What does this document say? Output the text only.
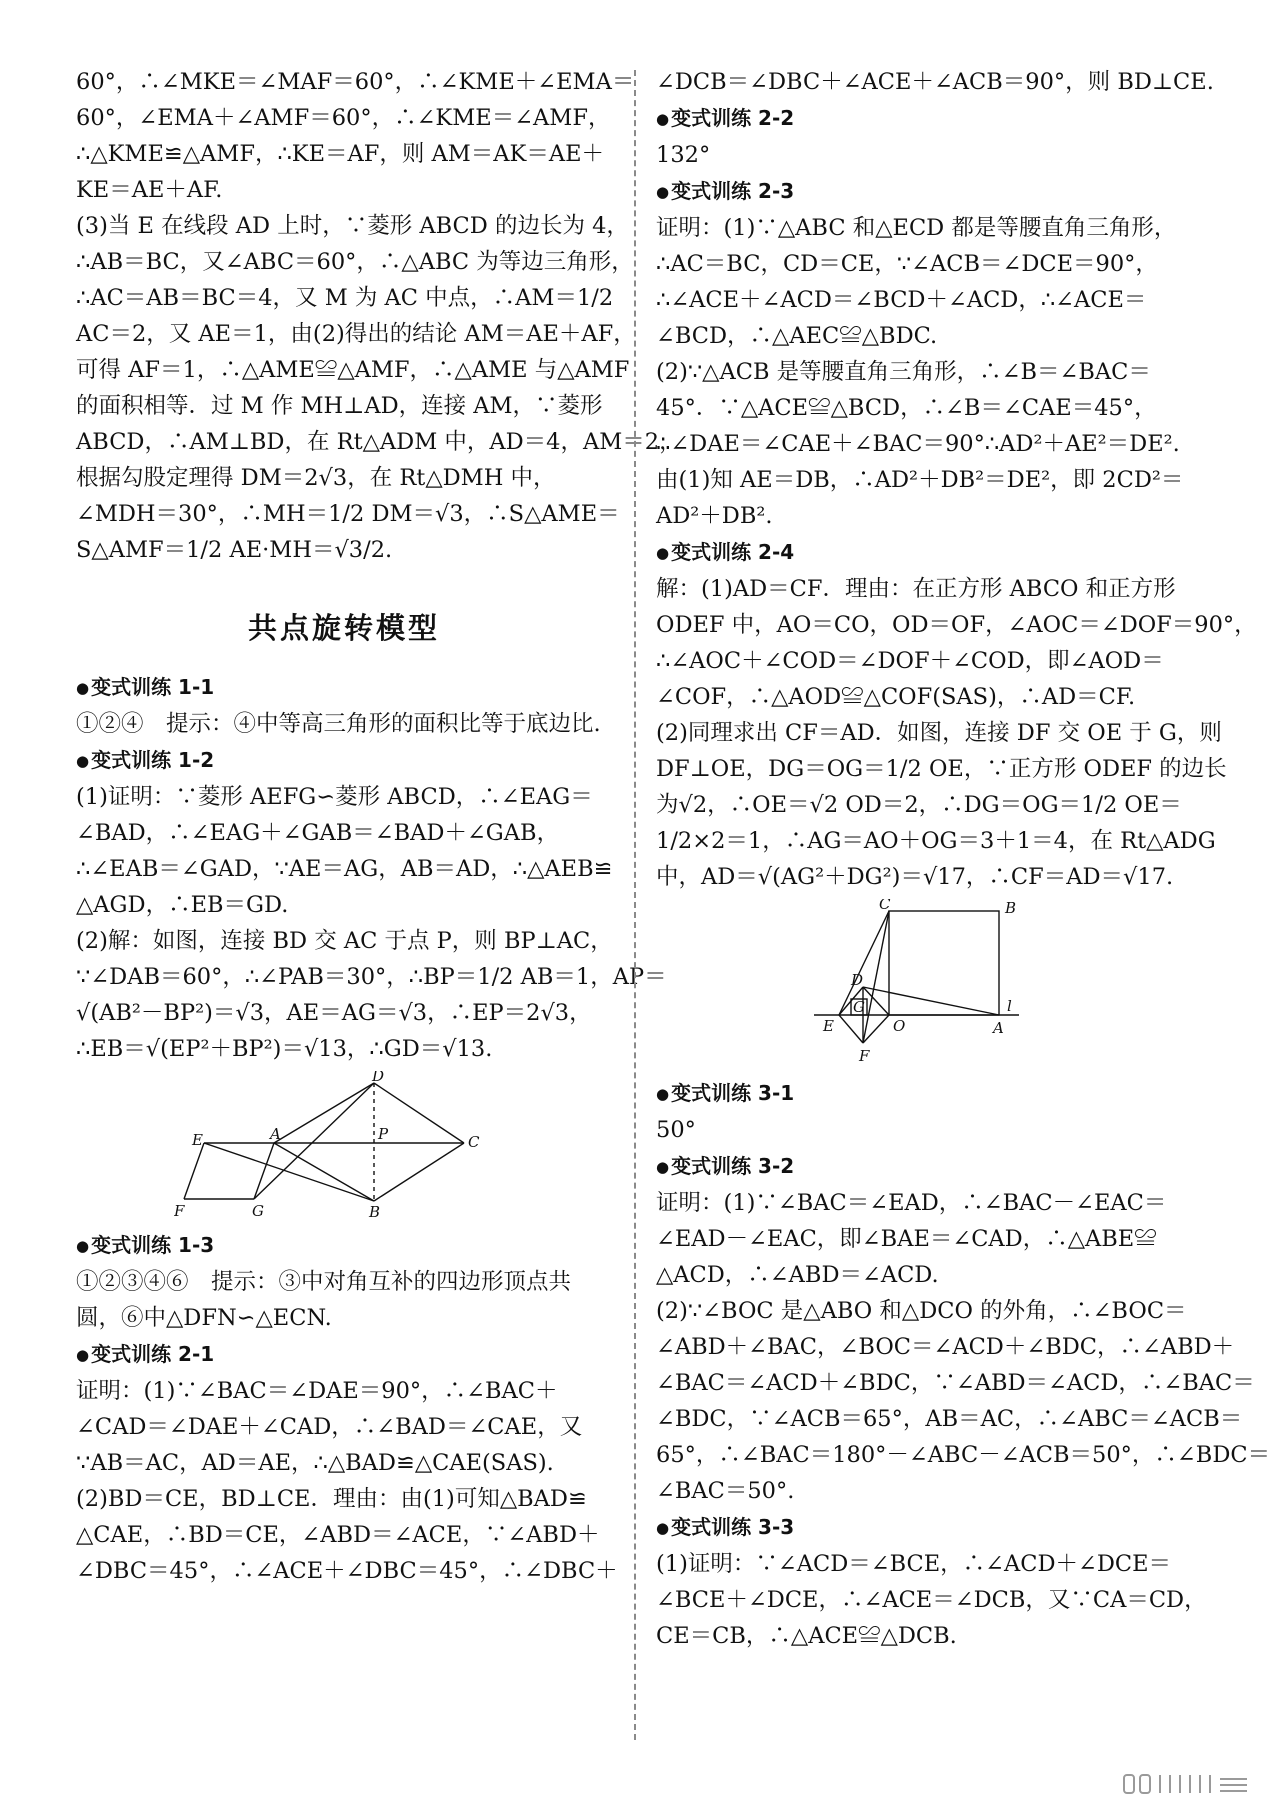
60°，∴∠MKE＝∠MAF＝60°，∴∠KME＋∠EMA＝
60°，∠EMA＋∠AMF＝60°，∴∠KME＝∠AMF，
∴△KME≌△AMF，∴KE＝AF，则 AM＝AK＝AE＋
KE＝AE＋AF.
(3)当 E 在线段 AD 上时，∵菱形 ABCD 的边长为 4，
∴AB＝BC，又∠ABC＝60°，∴△ABC 为等边三角形，
∴AC＝AB＝BC＝4，又 M 为 AC 中点，∴AM＝1/2
AC＝2，又 AE＝1，由(2)得出的结论 AM＝AE＋AF，
可得 AF＝1，∴△AME≌△AMF，∴△AME 与△AMF
的面积相等．过 M 作 MH⊥AD，连接 AM，∵菱形
ABCD，∴AM⊥BD，在 Rt△ADM 中，AD＝4，AM＝2，
根据勾股定理得 DM＝2√3，在 Rt△DMH 中，
∠MDH＝30°，∴MH＝1/2 DM＝√3，∴S△AME＝
S△AMF＝1/2 AE·MH＝√3/2.
共点旋转模型
● 变式训练 1-1
①②④　提示：④中等高三角形的面积比等于底边比.
● 变式训练 1-2
(1)证明：∵菱形 AEFG∽菱形 ABCD，∴∠EAG＝
∠BAD，∴∠EAG＋∠GAB＝∠BAD＋∠GAB，
∴∠EAB＝∠GAD，∵AE＝AG，AB＝AD，∴△AEB≌
△AGD，∴EB＝GD.
(2)解：如图，连接 BD 交 AC 于点 P，则 BP⊥AC，
∵∠DAB＝60°，∴∠PAB＝30°，∴BP＝1/2 AB＝1，AP＝
√(AB²－BP²)＝√3，AE＝AG＝√3，∴EP＝2√3，
∴EB＝√(EP²＋BP²)＝√13，∴GD＝√13.
D
E	A	P	C
F	G	B
● 变式训练 1-3
①②③④⑥　提示：③中对角互补的四边形顶点共
圆，⑥中△DFN∽△ECN.
● 变式训练 2-1
证明：(1)∵∠BAC＝∠DAE＝90°，∴∠BAC＋
∠CAD＝∠DAE＋∠CAD，∴∠BAD＝∠CAE，又
∵AB＝AC，AD＝AE，∴△BAD≌△CAE(SAS).
(2)BD＝CE，BD⊥CE．理由：由(1)可知△BAD≌
△CAE，∴BD＝CE，∠ABD＝∠ACE，∵∠ABD＋
∠DBC＝45°，∴∠ACE＋∠DBC＝45°，∴∠DBC＋
∠DCB＝∠DBC＋∠ACE＋∠ACB＝90°，则 BD⊥CE.
● 变式训练 2-2
132°
● 变式训练 2-3
证明：(1)∵△ABC 和△ECD 都是等腰直角三角形，
∴AC＝BC，CD＝CE，∵∠ACB＝∠DCE＝90°，
∴∠ACE＋∠ACD＝∠BCD＋∠ACD，∴∠ACE＝
∠BCD，∴△AEC≌△BDC.
(2)∵△ACB 是等腰直角三角形，∴∠B＝∠BAC＝
45°．∵△ACE≌△BCD，∴∠B＝∠CAE＝45°，
∴∠DAE＝∠CAE＋∠BAC＝90°∴AD²＋AE²＝DE².
由(1)知 AE＝DB，∴AD²＋DB²＝DE²，即 2CD²＝
AD²＋DB².
● 变式训练 2-4
解：(1)AD＝CF．理由：在正方形 ABCO 和正方形
ODEF 中，AO＝CO，OD＝OF，∠AOC＝∠DOF＝90°，
∴∠AOC＋∠COD＝∠DOF＋∠COD，即∠AOD＝
∠COF，∴△AOD≌△COF(SAS)，∴AD＝CF.
(2)同理求出 CF＝AD．如图，连接 DF 交 OE 于 G，则
DF⊥OE，DG＝OG＝1/2 OE，∵正方形 ODEF 的边长
为√2，∴OE＝√2 OD＝2，∴DG＝OG＝1/2 OE＝
1/2×2＝1，∴AG＝AO＋OG＝3＋1＝4，在 Rt△ADG
中，AD＝√(AG²＋DG²)＝√17，∴CF＝AD＝√17.
C	B
D
G
E	O	A
F
l
● 变式训练 3-1
50°
● 变式训练 3-2
证明：(1)∵∠BAC＝∠EAD，∴∠BAC－∠EAC＝
∠EAD－∠EAC，即∠BAE＝∠CAD，∴△ABE≌
△ACD，∴∠ABD＝∠ACD.
(2)∵∠BOC 是△ABO 和△DCO 的外角，∴∠BOC＝
∠ABD＋∠BAC，∠BOC＝∠ACD＋∠BDC，∴∠ABD＋
∠BAC＝∠ACD＋∠BDC，∵∠ABD＝∠ACD，∴∠BAC＝
∠BDC，∵∠ACB＝65°，AB＝AC，∴∠ABC＝∠ACB＝
65°，∴∠BAC＝180°－∠ABC－∠ACB＝50°，∴∠BDC＝
∠BAC＝50°.
● 变式训练 3-3
(1)证明：∵∠ACD＝∠BCE，∴∠ACD＋∠DCE＝
∠BCE＋∠DCE，∴∠ACE＝∠DCB，又∵CA＝CD，
CE＝CB，∴△ACE≌△DCB.
